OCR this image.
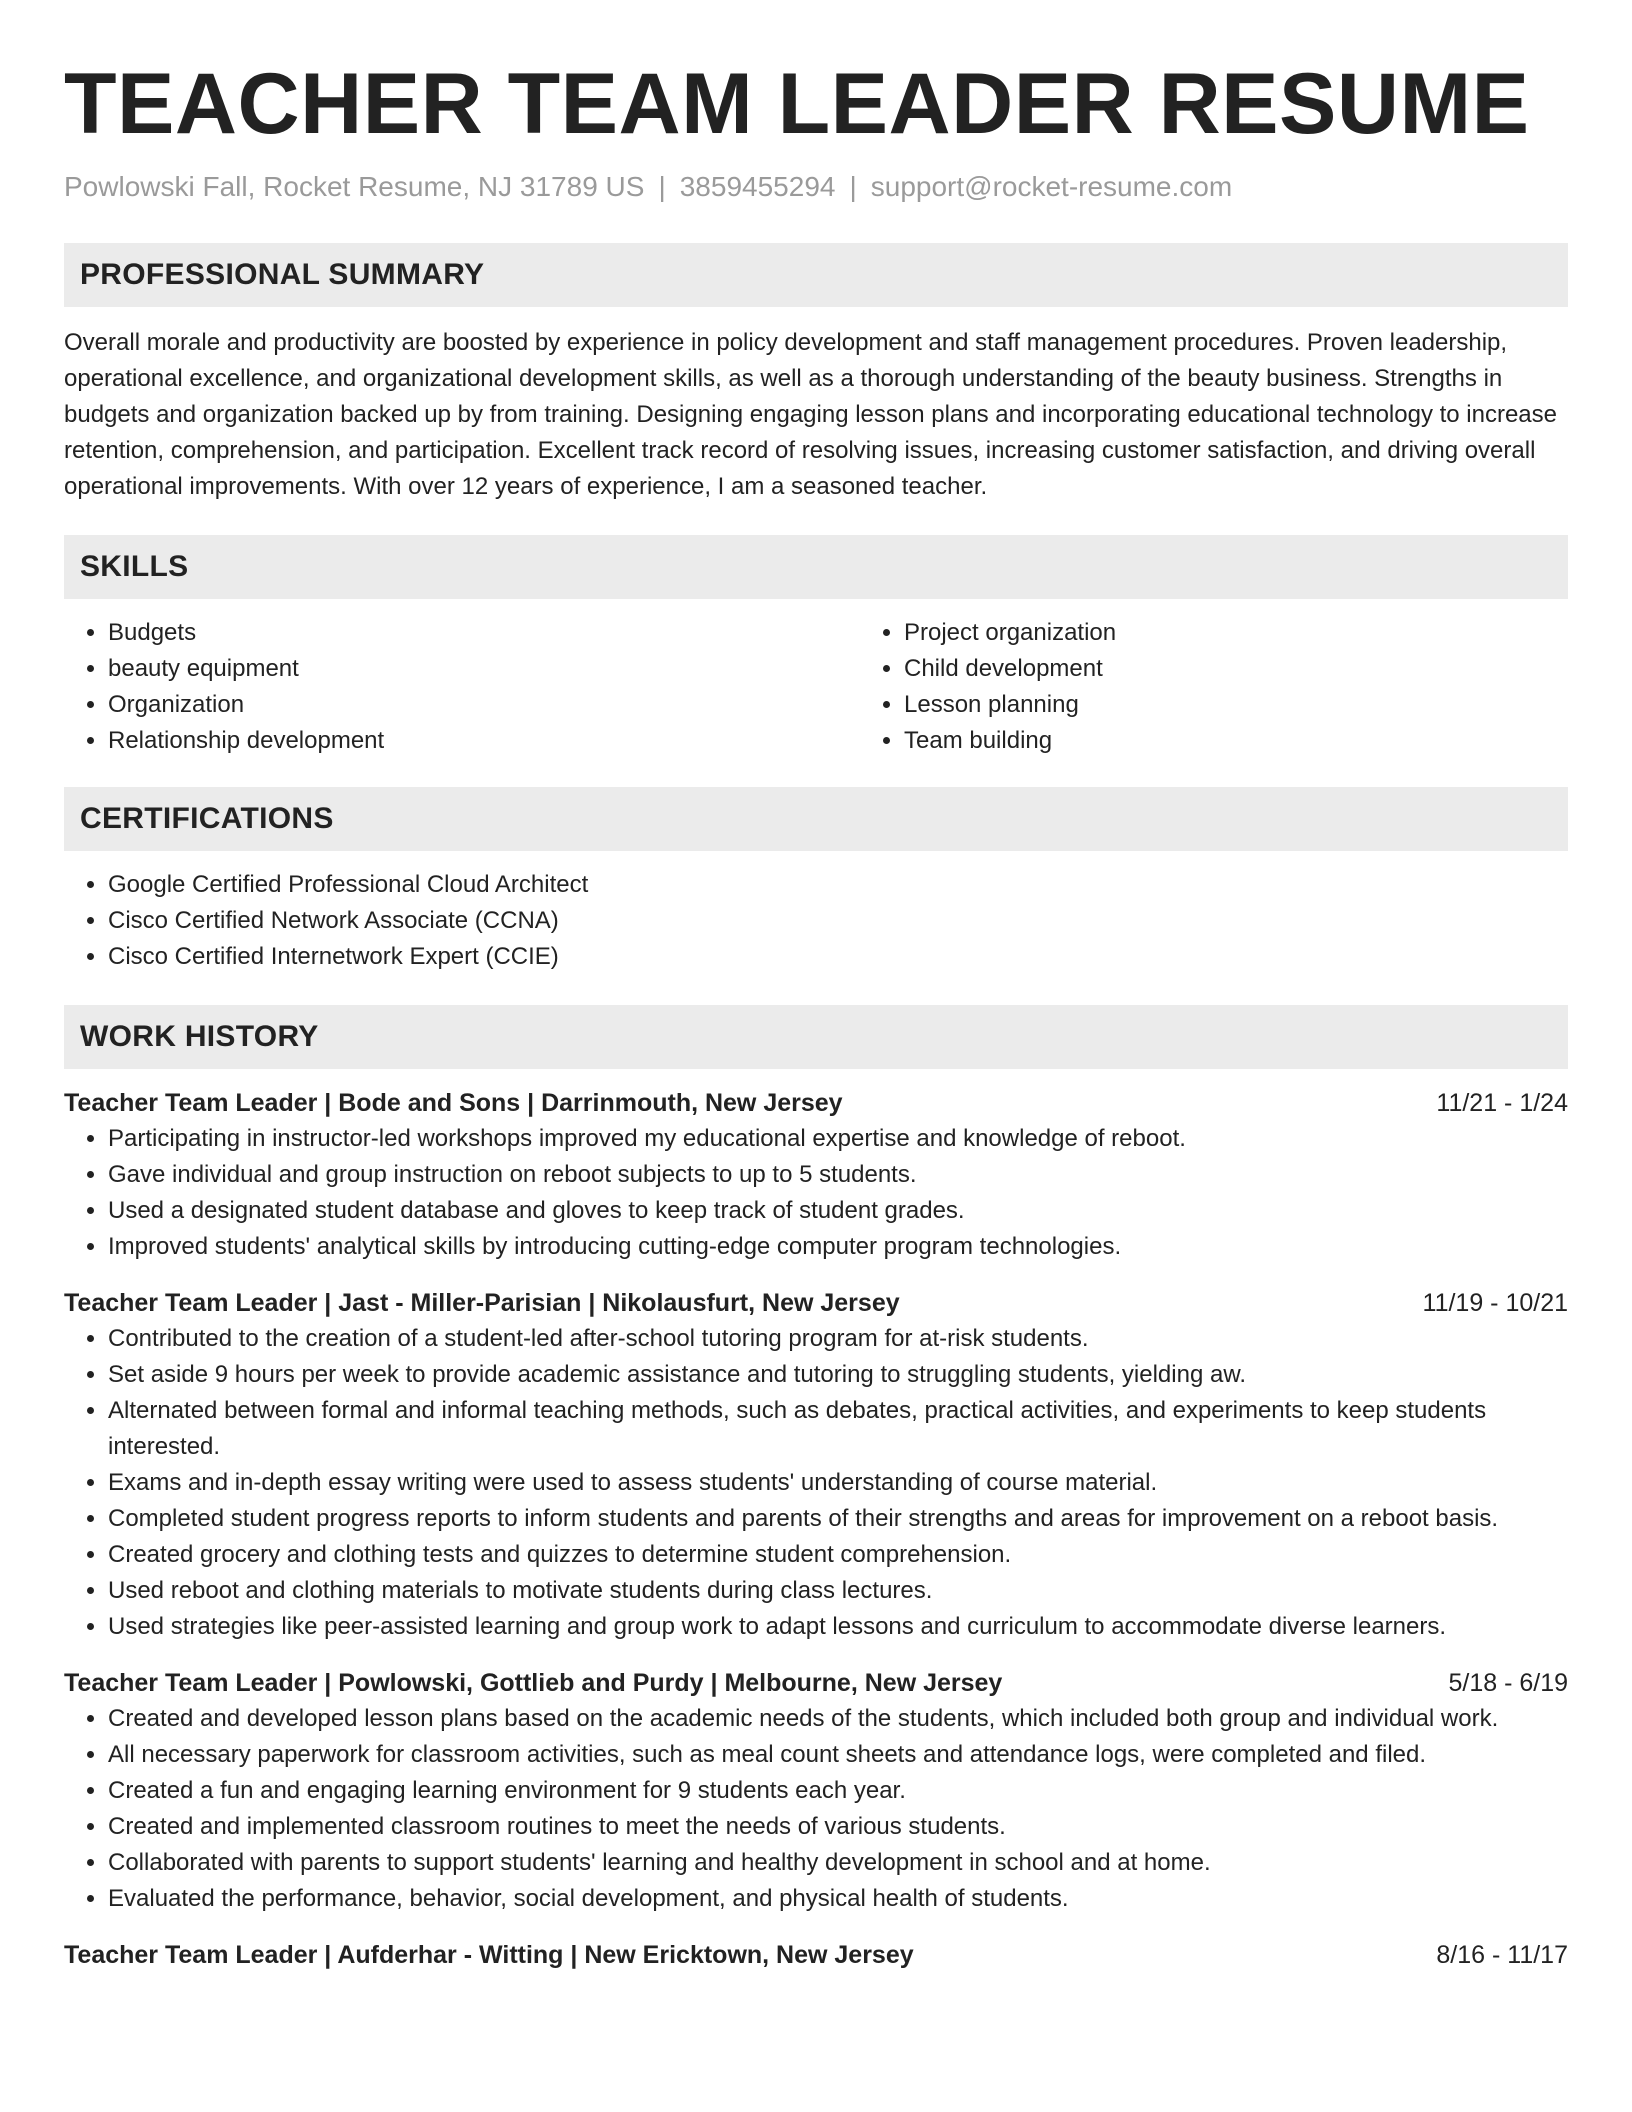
TEACHER TEAM LEADER RESUME
Powlowski Fall, Rocket Resume, NJ 31789 US | 3859455294 | support@rocket-resume.com
PROFESSIONAL SUMMARY

Overall morale and productivity are boosted by experience in policy development and staff management procedures. Proven leadership, operational excellence, and organizational development skills, as well as a thorough understanding of the beauty business. Strengths in budgets and organization backed up by from training. Designing engaging lesson plans and incorporating educational technology to increase retention, comprehension, and participation. Excellent track record of resolving issues, increasing customer satisfaction, and driving overall operational improvements. With over 12 years of experience, I am a seasoned teacher.

SKILLS
• Budgets
• beauty equipment
• Organization
• Relationship development
• Project organization
• Child development
• Lesson planning
• Team building
CERTIFICATIONS
• Google Certified Professional Cloud Architect
• Cisco Certified Network Associate (CCNA)
• Cisco Certified Internetwork Expert (CCIE)
WORK HISTORY
Teacher Team Leader | Bode and Sons | Darrinmouth, New Jersey	11/21 - 1/24
• Participating in instructor-led workshops improved my educational expertise and knowledge of reboot.
• Gave individual and group instruction on reboot subjects to up to 5 students.
• Used a designated student database and gloves to keep track of student grades.
• Improved students' analytical skills by introducing cutting-edge computer program technologies.
Teacher Team Leader | Jast - Miller-Parisian | Nikolausfurt, New Jersey	11/19 - 10/21
• Contributed to the creation of a student-led after-school tutoring program for at-risk students.
• Set aside 9 hours per week to provide academic assistance and tutoring to struggling students, yielding aw.
• Alternated between formal and informal teaching methods, such as debates, practical activities, and experiments to keep students interested.
• Exams and in-depth essay writing were used to assess students' understanding of course material.
• Completed student progress reports to inform students and parents of their strengths and areas for improvement on a reboot basis.
• Created grocery and clothing tests and quizzes to determine student comprehension.
• Used reboot and clothing materials to motivate students during class lectures.
• Used strategies like peer-assisted learning and group work to adapt lessons and curriculum to accommodate diverse learners.
Teacher Team Leader | Powlowski, Gottlieb and Purdy | Melbourne, New Jersey	5/18 - 6/19
• Created and developed lesson plans based on the academic needs of the students, which included both group and individual work.
• All necessary paperwork for classroom activities, such as meal count sheets and attendance logs, were completed and filed.
• Created a fun and engaging learning environment for 9 students each year.
• Created and implemented classroom routines to meet the needs of various students.
• Collaborated with parents to support students' learning and healthy development in school and at home.
• Evaluated the performance, behavior, social development, and physical health of students.
Teacher Team Leader | Aufderhar - Witting | New Ericktown, New Jersey	8/16 - 11/17
